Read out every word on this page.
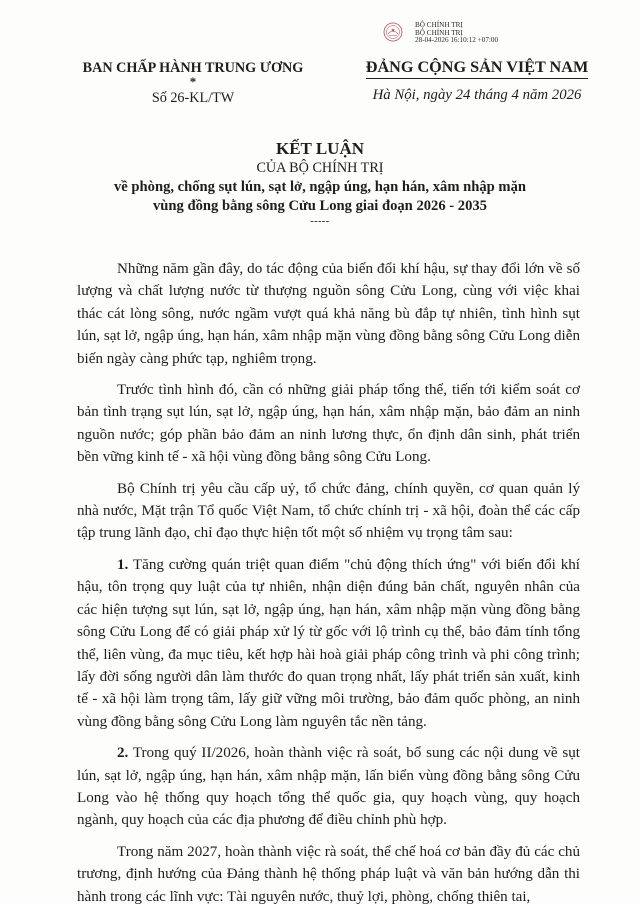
BỘ CHÍNH TRỊ
BỘ CHÍNH TRỊ
28-04-2026 16:10:12 +07:00
BAN CHẤP HÀNH TRUNG ƯƠNG
*
Số 26-KL/TW
ĐẢNG CỘNG SẢN VIỆT NAM
Hà Nội, ngày 24 tháng 4 năm 2026
KẾT LUẬN
CỦA BỘ CHÍNH TRỊ
về phòng, chống sụt lún, sạt lở, ngập úng, hạn hán, xâm nhập mặn
vùng đồng bằng sông Cửu Long giai đoạn 2026 - 2035
-----

Những năm gần đây, do tác động của biến đổi khí hậu, sự thay đổi lớn về số lượng và chất lượng nước từ thượng nguồn sông Cửu Long, cùng với việc khai thác cát lòng sông, nước ngầm vượt quá khả năng bù đắp tự nhiên, tình hình sụt lún, sạt lở, ngập úng, hạn hán, xâm nhập mặn vùng đồng bằng sông Cửu Long diễn biến ngày càng phức tạp, nghiêm trọng.

Trước tình hình đó, cần có những giải pháp tổng thể, tiến tới kiểm soát cơ bản tình trạng sụt lún, sạt lở, ngập úng, hạn hán, xâm nhập mặn, bảo đảm an ninh nguồn nước; góp phần bảo đảm an ninh lương thực, ổn định dân sinh, phát triển bền vững kinh tế - xã hội vùng đồng bằng sông Cửu Long.

Bộ Chính trị yêu cầu cấp uỷ, tổ chức đảng, chính quyền, cơ quan quản lý nhà nước, Mặt trận Tổ quốc Việt Nam, tổ chức chính trị - xã hội, đoàn thể các cấp tập trung lãnh đạo, chỉ đạo thực hiện tốt một số nhiệm vụ trọng tâm sau:

1. Tăng cường quán triệt quan điểm "chủ động thích ứng" với biến đổi khí hậu, tôn trọng quy luật của tự nhiên, nhận diện đúng bản chất, nguyên nhân của các hiện tượng sụt lún, sạt lở, ngập úng, hạn hán, xâm nhập mặn vùng đồng bằng sông Cửu Long để có giải pháp xử lý từ gốc với lộ trình cụ thể, bảo đảm tính tổng thể, liên vùng, đa mục tiêu, kết hợp hài hoà giải pháp công trình và phi công trình; lấy đời sống người dân làm thước đo quan trọng nhất, lấy phát triển sản xuất, kinh tế - xã hội làm trọng tâm, lấy giữ vững môi trường, bảo đảm quốc phòng, an ninh vùng đồng bằng sông Cửu Long làm nguyên tắc nền tảng.

2. Trong quý II/2026, hoàn thành việc rà soát, bổ sung các nội dung về sụt lún, sạt lở, ngập úng, hạn hán, xâm nhập mặn, lấn biển vùng đồng bằng sông Cửu Long vào hệ thống quy hoạch tổng thể quốc gia, quy hoạch vùng, quy hoạch ngành, quy hoạch của các địa phương để điều chỉnh phù hợp.

Trong năm 2027, hoàn thành việc rà soát, thể chế hoá cơ bản đầy đủ các chủ trương, định hướng của Đảng thành hệ thống pháp luật và văn bản hướng dẫn thi hành trong các lĩnh vực: Tài nguyên nước, thuỷ lợi, phòng, chống thiên tai,
